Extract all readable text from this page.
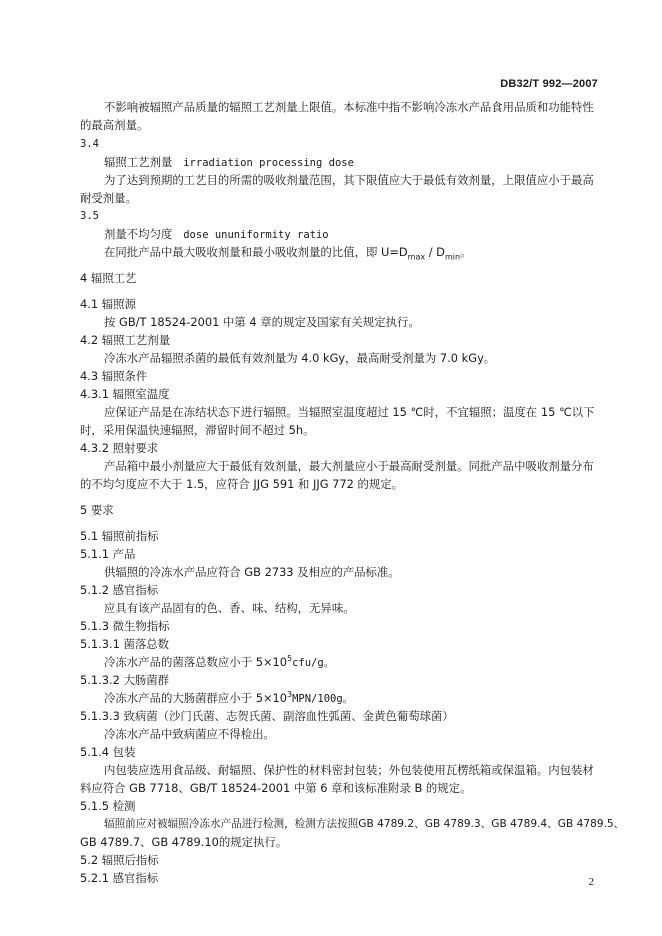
DB32/T 992—2007
不影响被辐照产品质量的辐照工艺剂量上限值。本标准中指不影响冷冻水产品食用品质和功能特性
的最高剂量。
3.4
辐照工艺剂量 irradiation processing dose
为了达到预期的工艺目的所需的吸收剂量范围，其下限值应大于最低有效剂量，上限值应小于最高
耐受剂量。
3.5
剂量不均匀度 dose ununiformity ratio
在同批产品中最大吸收剂量和最小吸收剂量的比值，即 $U=D_{max} / D_{min}$。
4 辐照工艺
4.1 辐照源
按 GB/T 18524-2001 中第 4 章的规定及国家有关规定执行。
4.2 辐照工艺剂量
冷冻水产品辐照杀菌的最低有效剂量为 4.0 kGy，最高耐受剂量为 7.0 kGy。
4.3 辐照条件
4.3.1 辐照室温度
应保证产品是在冻结状态下进行辐照。当辐照室温度超过 15 ℃时，不宜辐照；温度在 15 ℃以下
时，采用保温快速辐照，滞留时间不超过 5h。
4.3.2 照射要求
产品箱中最小剂量应大于最低有效剂量，最大剂量应小于最高耐受剂量。同批产品中吸收剂量分布
的不均匀度应不大于 1.5，应符合 JJG 591 和 JJG 772 的规定。
5 要求
5.1 辐照前指标
5.1.1 产品
供辐照的冷冻水产品应符合 GB 2733 及相应的产品标准。
5.1.2 感官指标
应具有该产品固有的色、香、味、结构，无异味。
5.1.3 微生物指标
5.1.3.1 菌落总数
冷冻水产品的菌落总数应小于 $5\times 10^5cfu/g$。
5.1.3.2 大肠菌群
冷冻水产品的大肠菌群应小于 $5\times 10^3MPN/100g$。
5.1.3.3 致病菌（沙门氏菌、志贺氏菌、副溶血性弧菌、金黄色葡萄球菌）
冷冻水产品中致病菌应不得检出。
5.1.4 包装
内包装应选用食品级、耐辐照、保护性的材料密封包装；外包装使用瓦楞纸箱或保温箱。内包装材
料应符合 GB 7718、GB/T 18524-2001 中第 6 章和该标准附录 B 的规定。
5.1.5 检测
辐照前应对被辐照冷冻水产品进行检测，检测方法按照GB 4789.2、GB 4789.3、GB 4789.4、GB 4789.5、
GB 4789.7、GB 4789.10的规定执行。
5.2 辐照后指标
5.2.1 感官指标	2
